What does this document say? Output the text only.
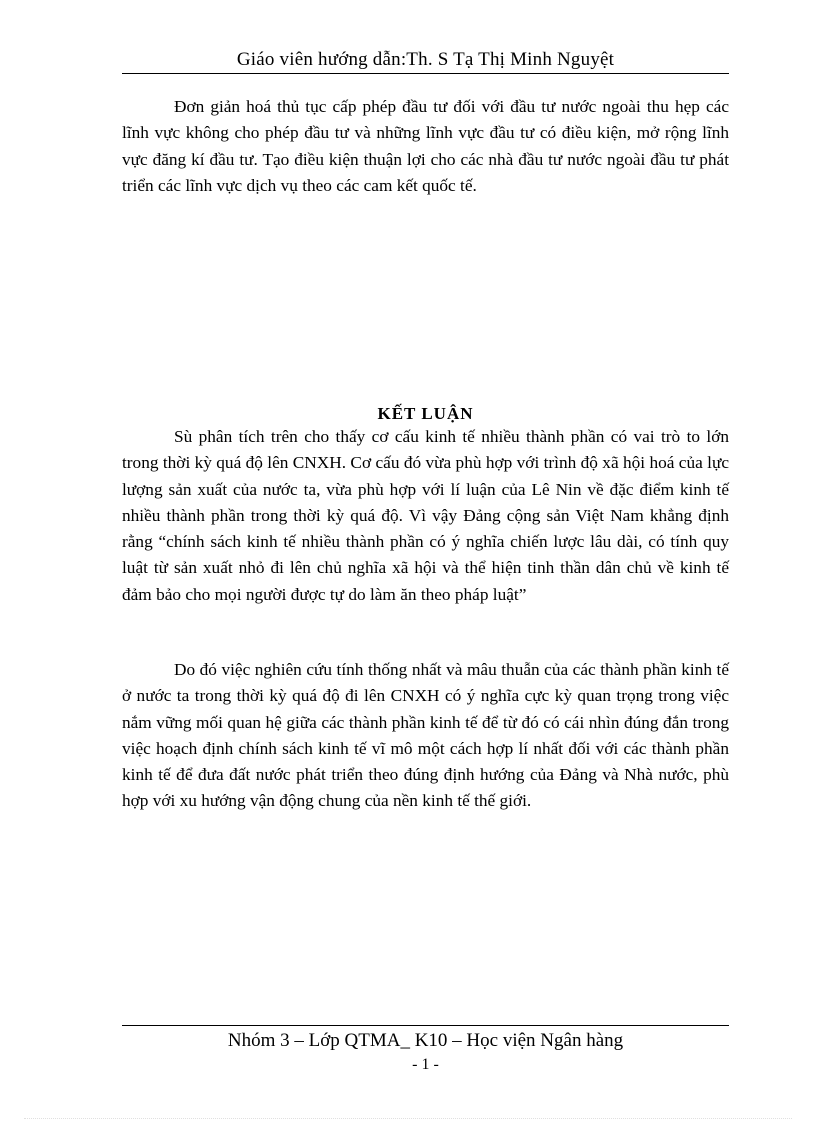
Giáo viên hướng dẫn:Th. S Tạ Thị Minh Nguyệt

Đơn giản hoá thủ tục cấp phép đầu tư đối với đầu tư nước ngoài thu hẹp các lĩnh vực không cho phép đầu tư và những lĩnh vực đầu tư có điều kiện, mở rộng lĩnh vực đăng kí đầu tư. Tạo điều kiện thuận lợi cho các nhà đầu tư nước ngoài đầu tư phát triển các lĩnh vực dịch vụ theo các cam kết quốc tế.

KẾT LUẬN

Sù phân tích trên cho thấy cơ cấu kinh tế nhiều thành phần có vai trò to lớn trong thời kỳ quá độ lên CNXH. Cơ cấu đó vừa phù hợp với trình độ xã hội hoá của lực lượng sản xuất của nước ta, vừa phù hợp với lí luận của Lê Nin về đặc điểm kinh tế nhiều thành phần trong thời kỳ quá độ. Vì vậy Đảng cộng sản Việt Nam khẳng định rằng “chính sách kinh tế nhiều thành phần có ý nghĩa chiến lược lâu dài, có tính quy luật từ sản xuất nhỏ đi lên chủ nghĩa xã hội và thể hiện tinh thần dân chủ về kinh tế đảm bảo cho mọi người được tự do làm ăn theo pháp luật”

Do đó việc nghiên cứu tính thống nhất và mâu thuẫn của các thành phần kinh tế ở nước ta trong thời kỳ quá độ đi lên CNXH có ý nghĩa cực kỳ quan trọng trong việc nắm vững mối quan hệ giữa các thành phần kinh tế để từ đó có cái nhìn đúng đắn trong việc hoạch định chính sách kinh tế vĩ mô một cách hợp lí nhất đối với các thành phần kinh tế để đưa đất nước phát triển theo đúng định hướng của Đảng và Nhà nước, phù hợp với xu hướng vận động chung của nền kinh tế thế giới.

Nhóm 3 – Lớp QTMA_ K10 – Học viện Ngân hàng
- 1 -
